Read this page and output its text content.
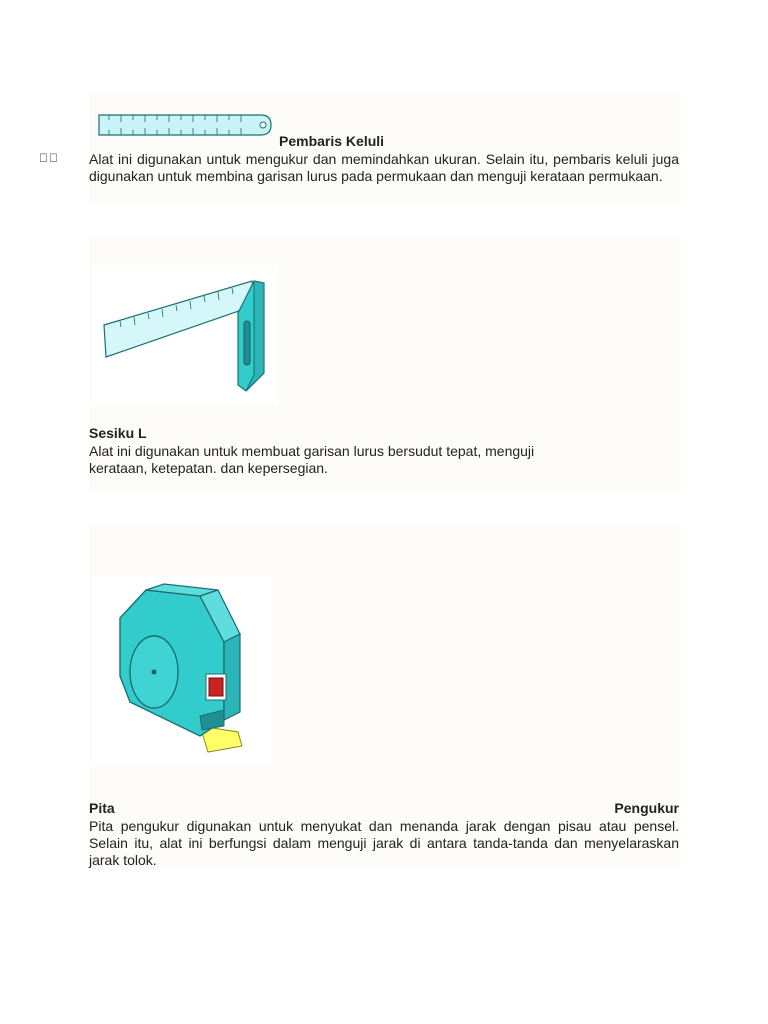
Pembaris Keluli
Alat ini digunakan untuk mengukur dan memindahkan ukuran. Selain itu, pembaris keluli juga digunakan untuk membina garisan lurus pada permukaan dan menguji kerataan permukaan.
Sesiku L
Alat ini digunakan untuk membuat garisan lurus bersudut tepat, menguji kerataan, ketepatan. dan kepersegian.
Pita	Pengukur
Pita pengukur digunakan untuk menyukat dan menanda jarak dengan pisau atau pensel. Selain itu, alat ini berfungsi dalam menguji jarak di antara tanda-tanda dan menyelaraskan jarak tolok.
